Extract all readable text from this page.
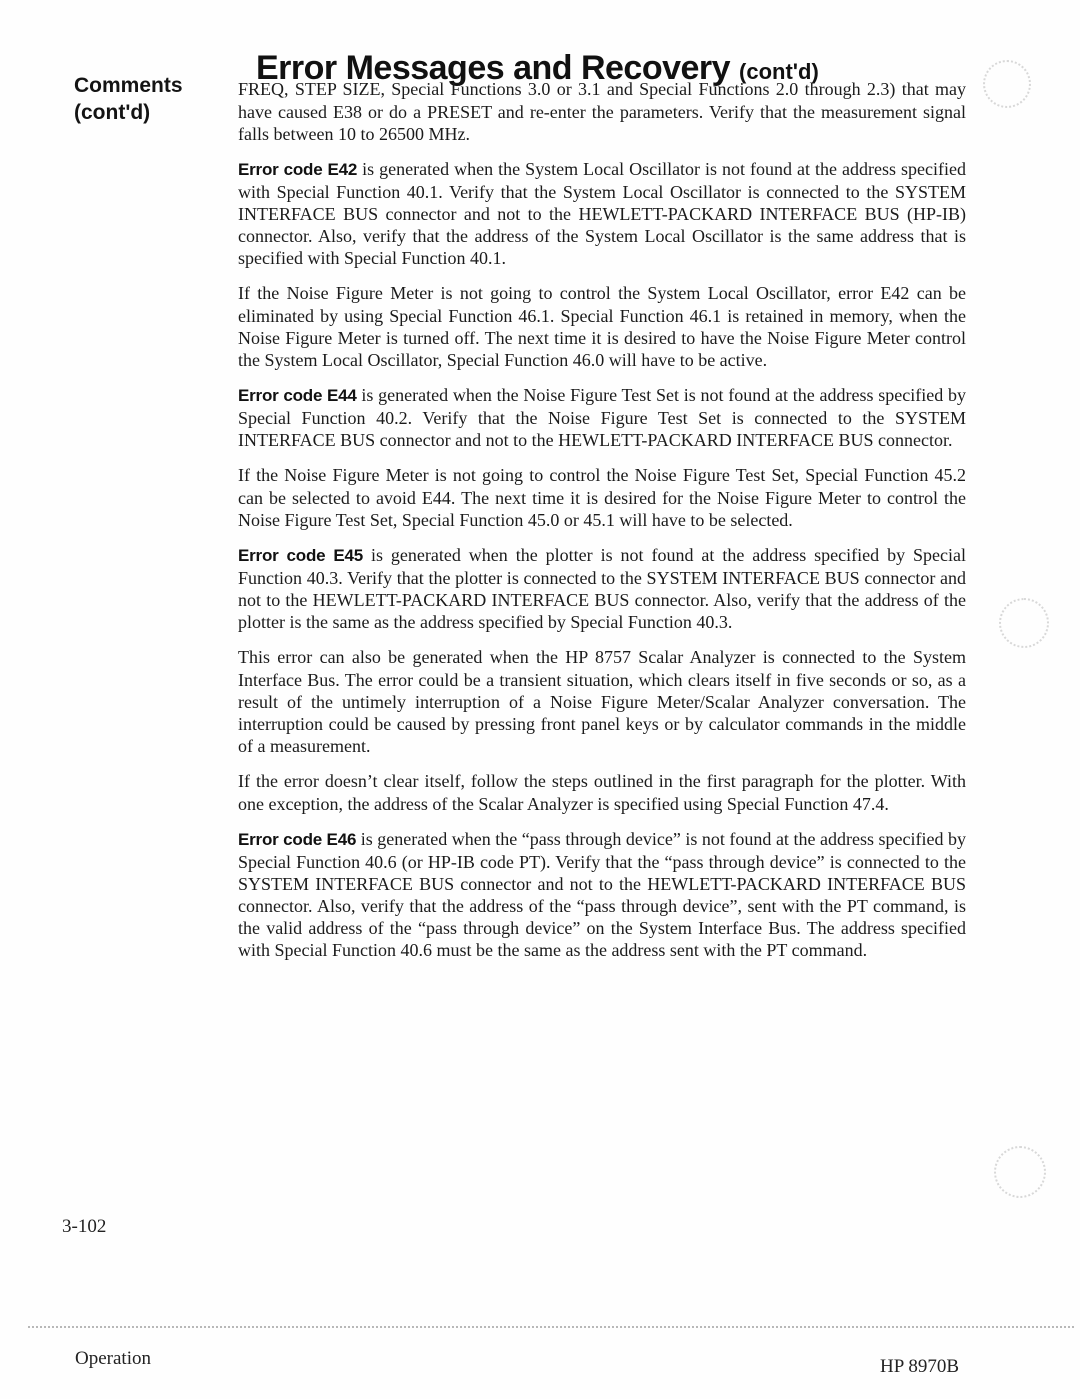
Error Messages and Recovery (cont'd)
Comments
(cont'd)

FREQ, STEP SIZE, Special Functions 3.0 or 3.1 and Special Functions 2.0 through 2.3) that may have caused E38 or do a PRESET and re-enter the parameters. Verify that the measurement signal falls between 10 to 26500 MHz.

Error code E42 is generated when the System Local Oscillator is not found at the address specified with Special Function 40.1. Verify that the System Local Oscillator is connected to the SYSTEM INTERFACE BUS connector and not to the HEWLETT-PACKARD INTERFACE BUS (HP-IB) connector. Also, verify that the address of the System Local Oscillator is the same address that is specified with Special Function 40.1.

If the Noise Figure Meter is not going to control the System Local Oscillator, error E42 can be eliminated by using Special Function 46.1. Special Function 46.1 is retained in memory, when the Noise Figure Meter is turned off. The next time it is desired to have the Noise Figure Meter control the System Local Oscillator, Special Function 46.0 will have to be active.

Error code E44 is generated when the Noise Figure Test Set is not found at the address specified by Special Function 40.2. Verify that the Noise Figure Test Set is connected to the SYSTEM INTERFACE BUS connector and not to the HEWLETT-PACKARD INTERFACE BUS connector.

If the Noise Figure Meter is not going to control the Noise Figure Test Set, Special Function 45.2 can be selected to avoid E44. The next time it is desired for the Noise Figure Meter to control the Noise Figure Test Set, Special Function 45.0 or 45.1 will have to be selected.

Error code E45 is generated when the plotter is not found at the address specified by Special Function 40.3. Verify that the plotter is connected to the SYSTEM INTERFACE BUS connector and not to the HEWLETT-PACKARD INTERFACE BUS connector. Also, verify that the address of the plotter is the same as the address specified by Special Function 40.3.

This error can also be generated when the HP 8757 Scalar Analyzer is connected to the System Interface Bus. The error could be a transient situation, which clears itself in five seconds or so, as a result of the untimely interruption of a Noise Figure Meter/Scalar Analyzer conversation. The interruption could be caused by pressing front panel keys or by calculator commands in the middle of a measurement.

If the error doesn’t clear itself, follow the steps outlined in the first paragraph for the plotter. With one exception, the address of the Scalar Analyzer is specified using Special Function 47.4.

Error code E46 is generated when the “pass through device” is not found at the address specified by Special Function 40.6 (or HP-IB code PT). Verify that the “pass through device” is connected to the SYSTEM INTERFACE BUS connector and not to the HEWLETT-PACKARD INTERFACE BUS connector. Also, verify that the address of the “pass through device”, sent with the PT command, is the valid address of the “pass through device” on the System Interface Bus. The address specified with Special Function 40.6 must be the same as the address sent with the PT command.

3-102
Operation	HP 8970B
